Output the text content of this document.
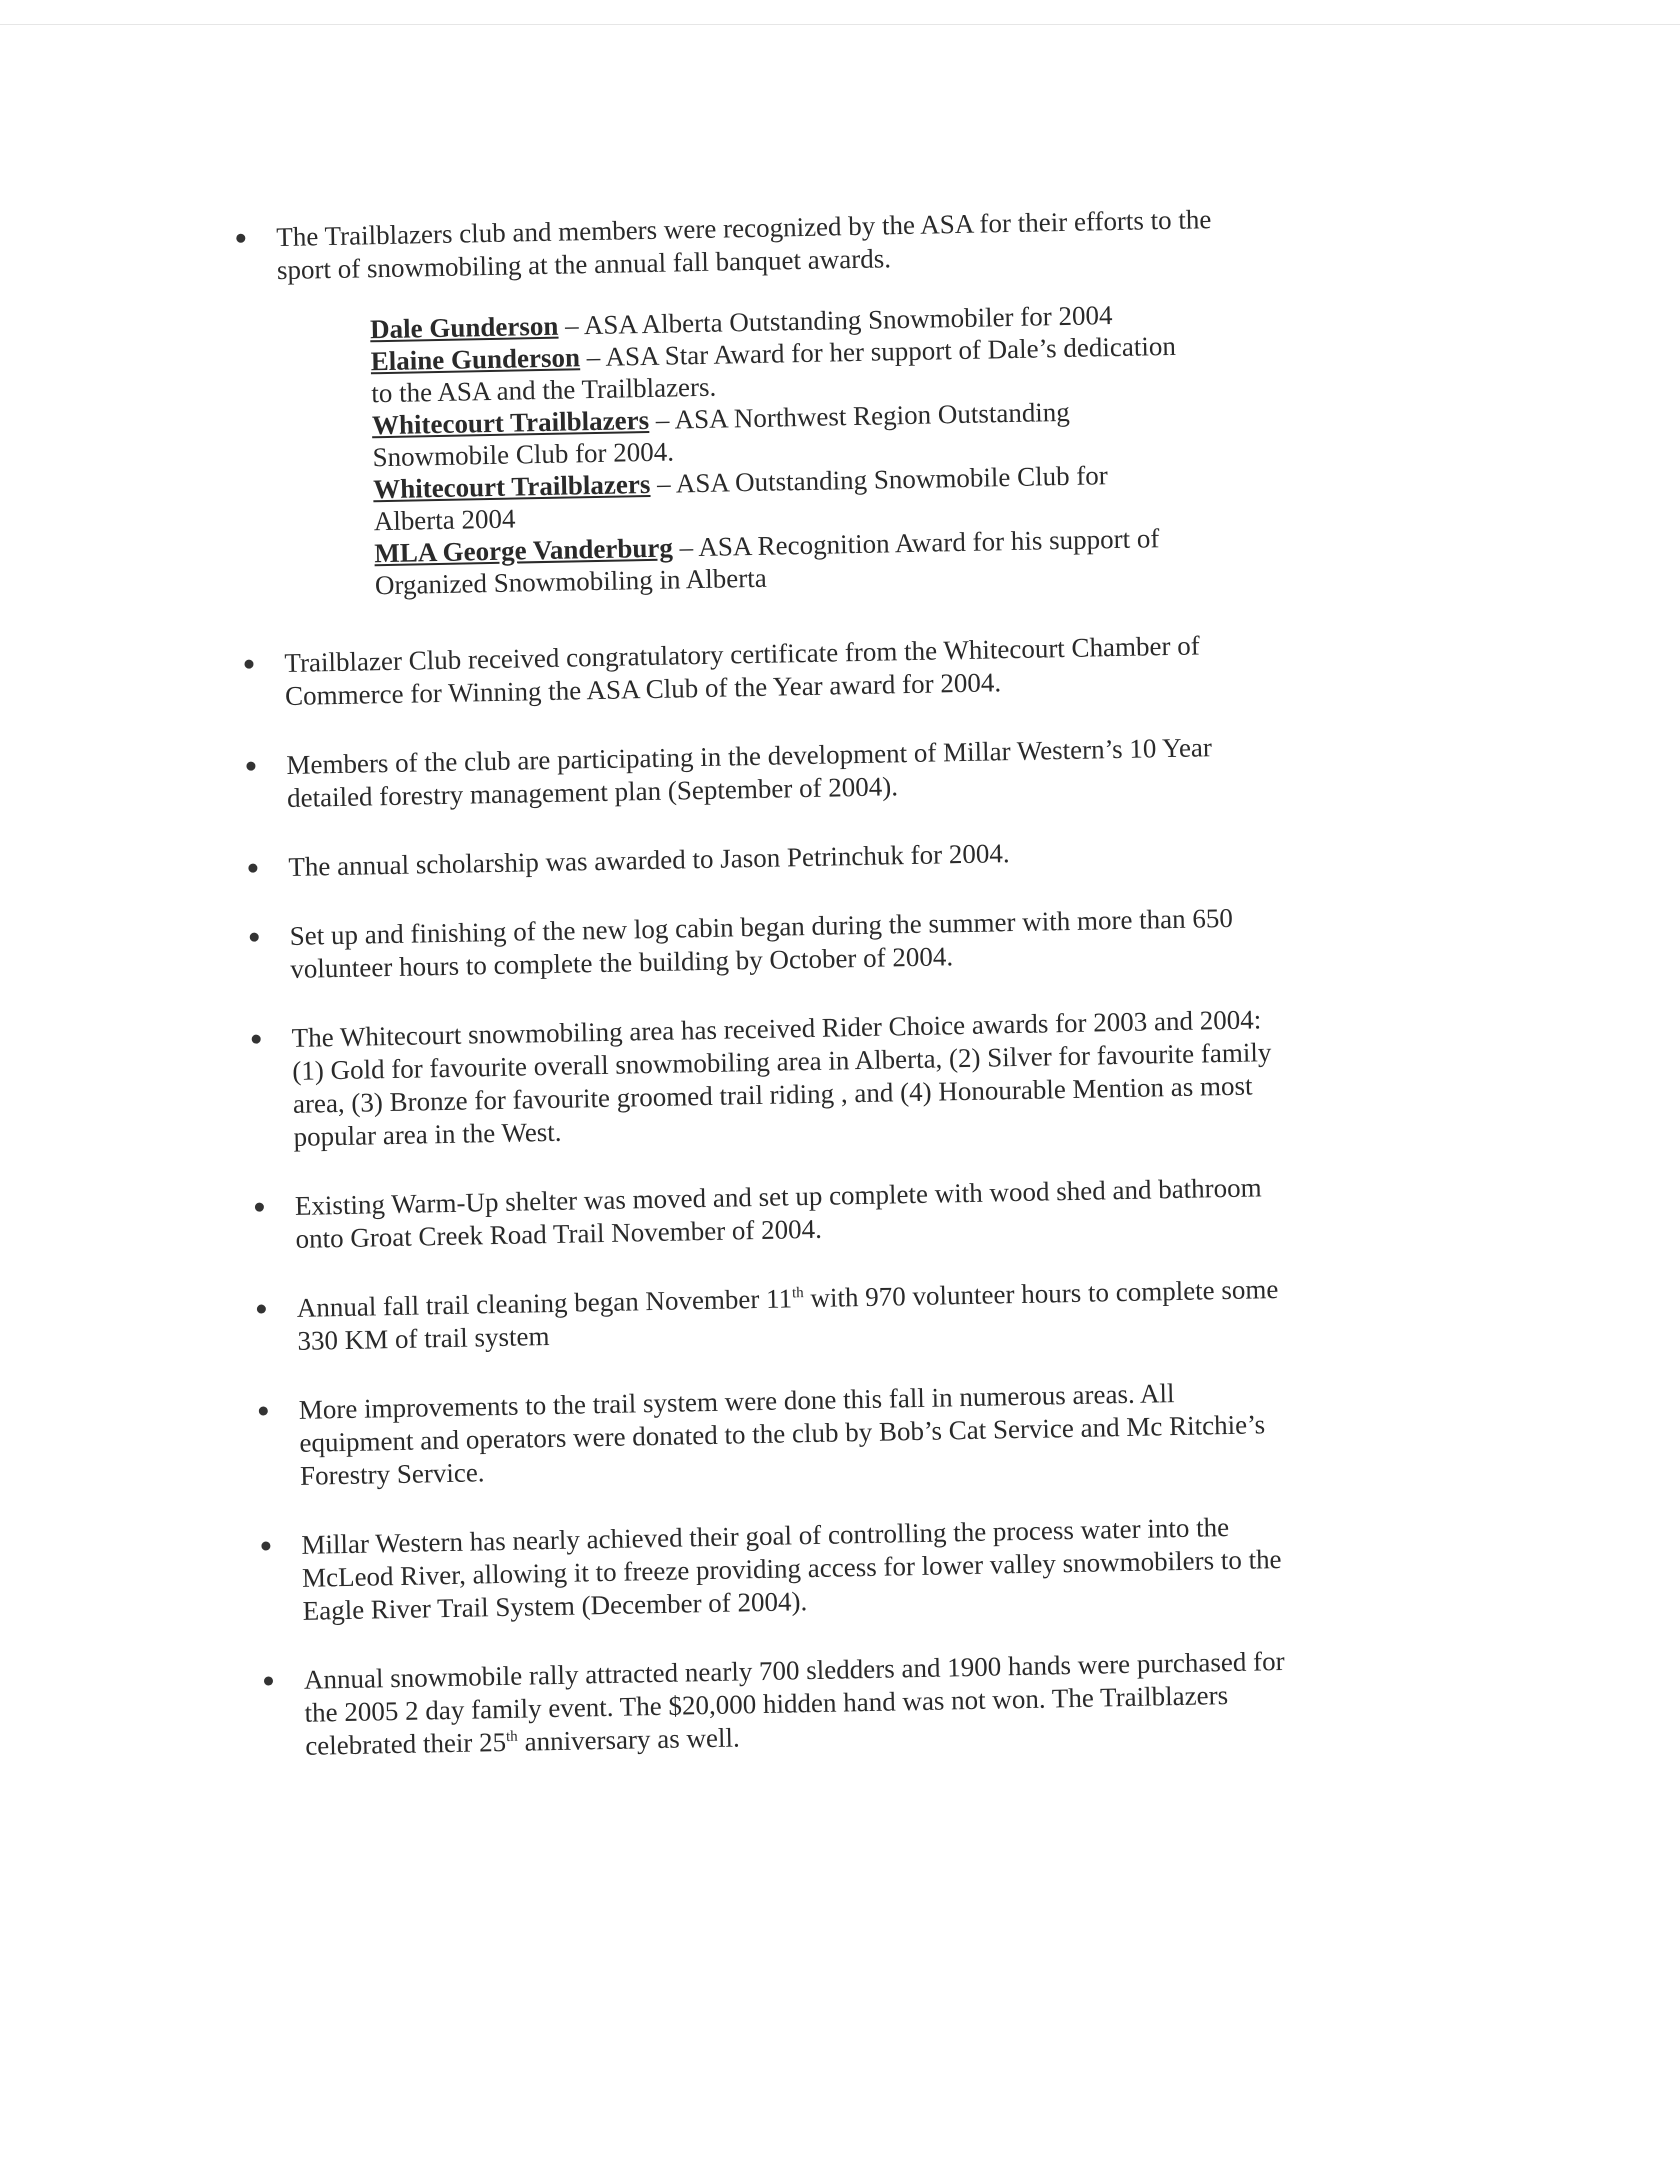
The Trailblazers club and members were recognized by the ASA for their efforts to the sport of snowmobiling at the annual fall banquet awards.

Dale Gunderson – ASA Alberta Outstanding Snowmobiler for 2004

Elaine Gunderson – ASA Star Award for her support of Dale’s dedication to the ASA and the Trailblazers.

Whitecourt Trailblazers – ASA Northwest Region Outstanding Snowmobile Club for 2004.

Whitecourt Trailblazers – ASA Outstanding Snowmobile Club for Alberta 2004

MLA George Vanderburg – ASA Recognition Award for his support of Organized Snowmobiling in Alberta

Trailblazer Club received congratulatory certificate from the Whitecourt Chamber of Commerce for Winning the ASA Club of the Year award for 2004.

Members of the club are participating in the development of Millar Western’s 10 Year detailed forestry management plan (September of 2004).

The annual scholarship was awarded to Jason Petrinchuk for 2004.

Set up and finishing of the new log cabin began during the summer with more than 650 volunteer hours to complete the building by October of 2004.

The Whitecourt snowmobiling area has received Rider Choice awards for 2003 and 2004: (1) Gold for favourite overall snowmobiling area in Alberta, (2) Silver for favourite family area, (3) Bronze for favourite groomed trail riding , and (4) Honourable Mention as most popular area in the West.

Existing Warm-Up shelter was moved and set up complete with wood shed and bathroom onto Groat Creek Road Trail November of 2004.

Annual fall trail cleaning began November 11th with 970 volunteer hours to complete some 330 KM of trail system

More improvements to the trail system were done this fall in numerous areas. All equipment and operators were donated to the club by Bob’s Cat Service and Mc Ritchie’s Forestry Service.

Millar Western has nearly achieved their goal of controlling the process water into the McLeod River, allowing it to freeze providing access for lower valley snowmobilers to the Eagle River Trail System (December of 2004).

Annual snowmobile rally attracted nearly 700 sledders and 1900 hands were purchased for the 2005 2 day family event. The $20,000 hidden hand was not won. The Trailblazers celebrated their 25th anniversary as well.
